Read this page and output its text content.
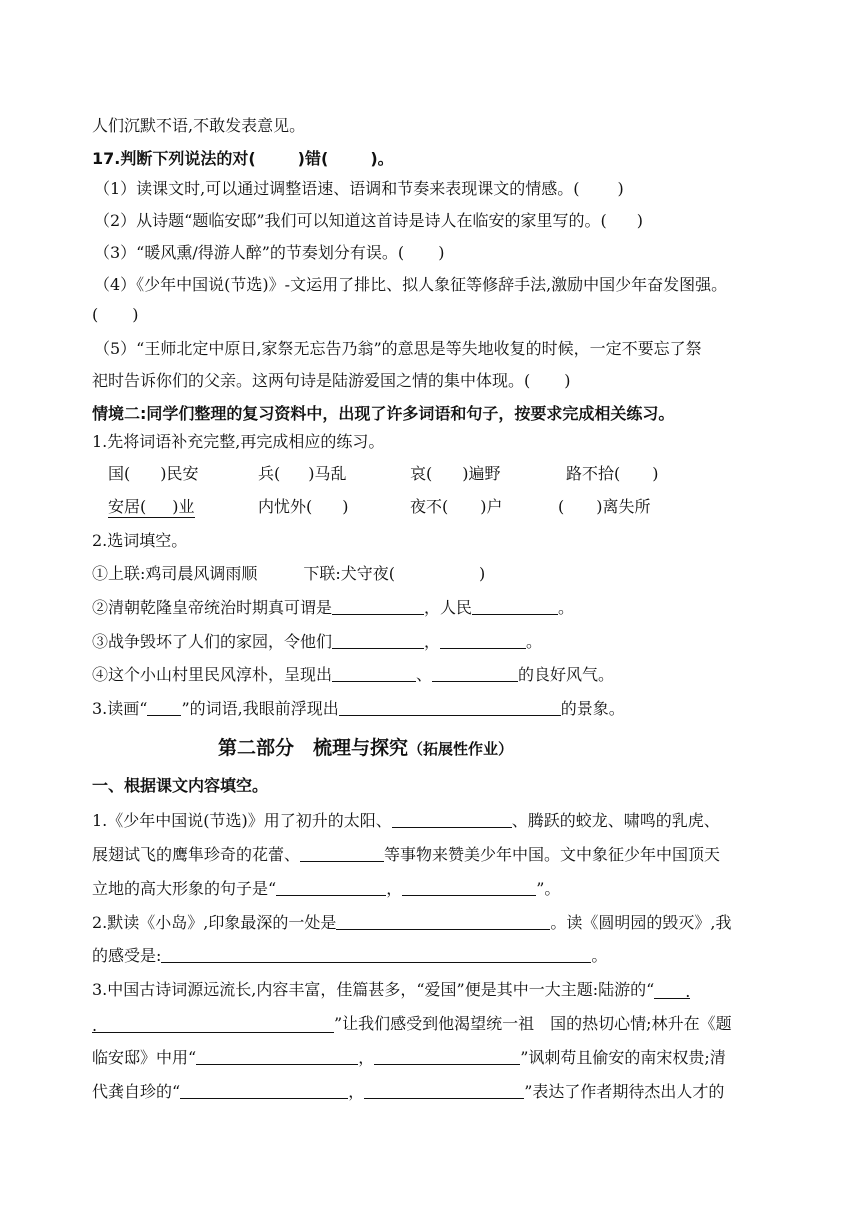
人们沉默不语,不敢发表意见。
17.判断下列说法的对(	)错(	)。
（1）读课文时,可以通过调整语速、语调和节奏来表现课文的情感。( )
（2）从诗题“题临安邸”我们可以知道这首诗是诗人在临安的家里写的。( )
（3）“暖风熏/得游人醉”的节奏划分有误。( )
（4）《少年中国说(节选)》-文运用了排比、拟人象征等修辞手法,激励中国少年奋发图强。
( )
（5）“王师北定中原日,家祭无忘告乃翁”的意思是等失地收复的时候，一定不要忘了祭
祀时告诉你们的父亲。这两句诗是陆游爱国之情的集中体现。( )
情境二:同学们整理的复习资料中，出现了许多词语和句子，按要求完成相关练习。
1.先将词语补充完整,再完成相应的练习。
国( )民安	兵( )马乱	哀( )遍野	路不拾( )
安居( )业	内忧外( )	夜不( )户	( )离失所
2.选词填空。
①上联:鸡司晨风调雨顺	下联:犬守夜(	)
②清朝乾隆皇帝统治时期真可谓是	，人民	。
③战争毁坏了人们的家园，令他们	，	。
④这个小山村里民风淳朴，呈现出	、	的良好风气。
3.读画“ ”的词语,我眼前浮现出	的景象。
第二部分　梳理与探究（拓展性作业）
一、根据课文内容填空。
1.《少年中国说(节选)》用了初升的太阳、	、腾跃的蛟龙、啸鸣的乳虎、
展翅试飞的鹰隼珍奇的花蕾、	等事物来赞美少年中国。文中象征少年中国顶天
立地的高大形象的句子是“	，	”。
2.默读《小岛》,印象最深的一处是	。读《圆明园的毁灭》,我
的感受是:	。
3.中国古诗词源远流长,内容丰富，佳篇甚多，“爱国”便是其中一大主题:陆游的“ .
.	”让我们感受到他渴望统一祖　国的热切心情;林升在《题
临安邸》中用“	，	”讽刺苟且偷安的南宋权贵;清
代龚自珍的“	，	”表达了作者期待杰出人才的
